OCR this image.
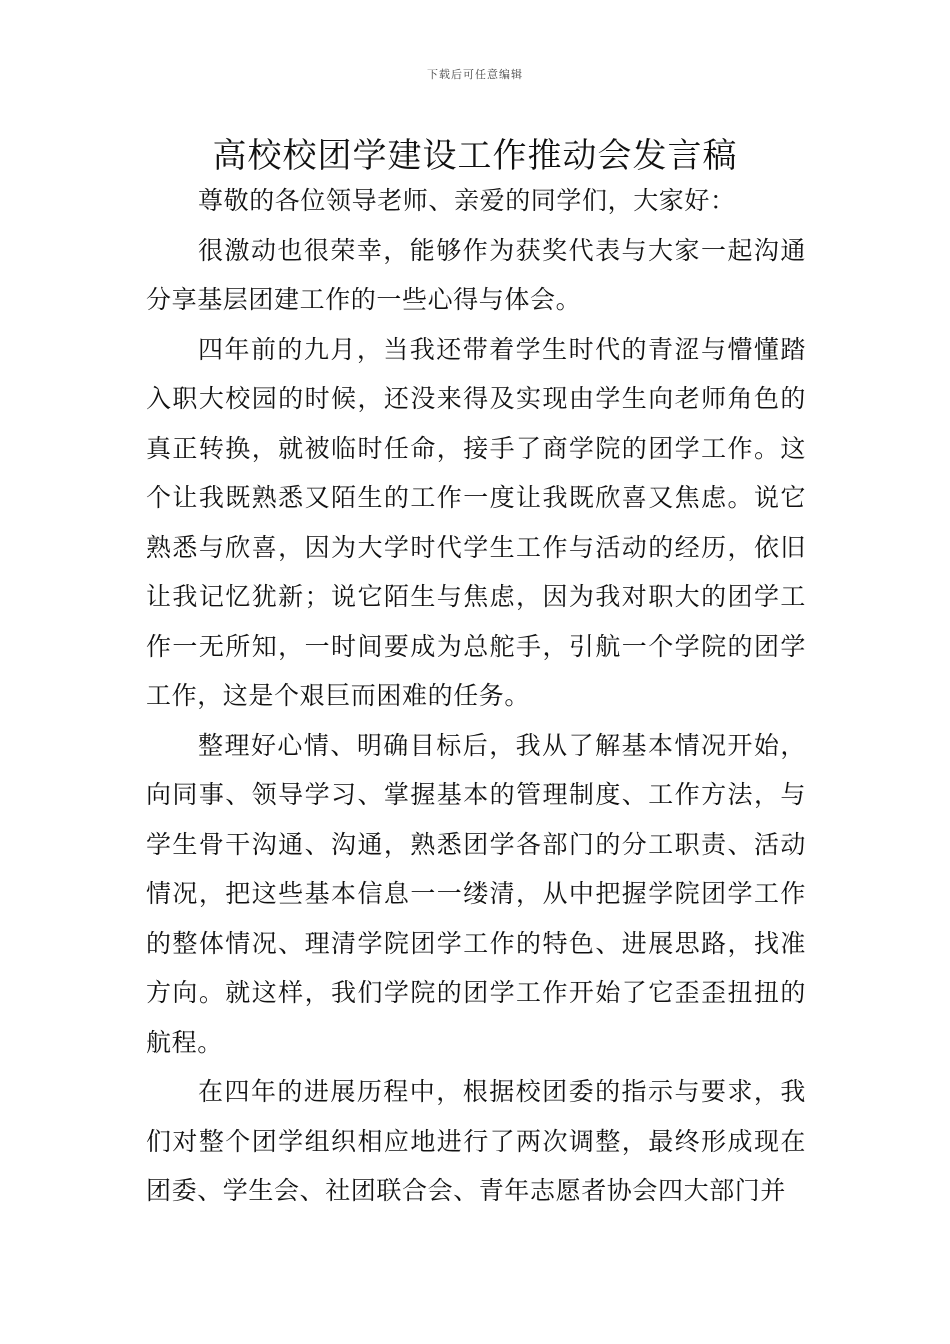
下载后可任意编辑
高校校团学建设工作推动会发言稿

尊敬的各位领导老师、亲爱的同学们，大家好：

很激动也很荣幸，能够作为获奖代表与大家一起沟通分享基层团建工作的一些心得与体会。

四年前的九月，当我还带着学生时代的青涩与懵懂踏入职大校园的时候，还没来得及实现由学生向老师角色的真正转换，就被临时任命，接手了商学院的团学工作。这个让我既熟悉又陌生的工作一度让我既欣喜又焦虑。说它熟悉与欣喜，因为大学时代学生工作与活动的经历，依旧让我记忆犹新；说它陌生与焦虑，因为我对职大的团学工作一无所知，一时间要成为总舵手，引航一个学院的团学工作，这是个艰巨而困难的任务。

整理好心情、明确目标后，我从了解基本情况开始，向同事、领导学习、掌握基本的管理制度、工作方法，与学生骨干沟通、沟通，熟悉团学各部门的分工职责、活动情况，把这些基本信息一一缕清，从中把握学院团学工作的整体情况、理清学院团学工作的特色、进展思路，找准方向。就这样，我们学院的团学工作开始了它歪歪扭扭的航程。

在四年的进展历程中，根据校团委的指示与要求，我们对整个团学组织相应地进行了两次调整，最终形成现在团委、学生会、社团联合会、青年志愿者协会四大部门并
